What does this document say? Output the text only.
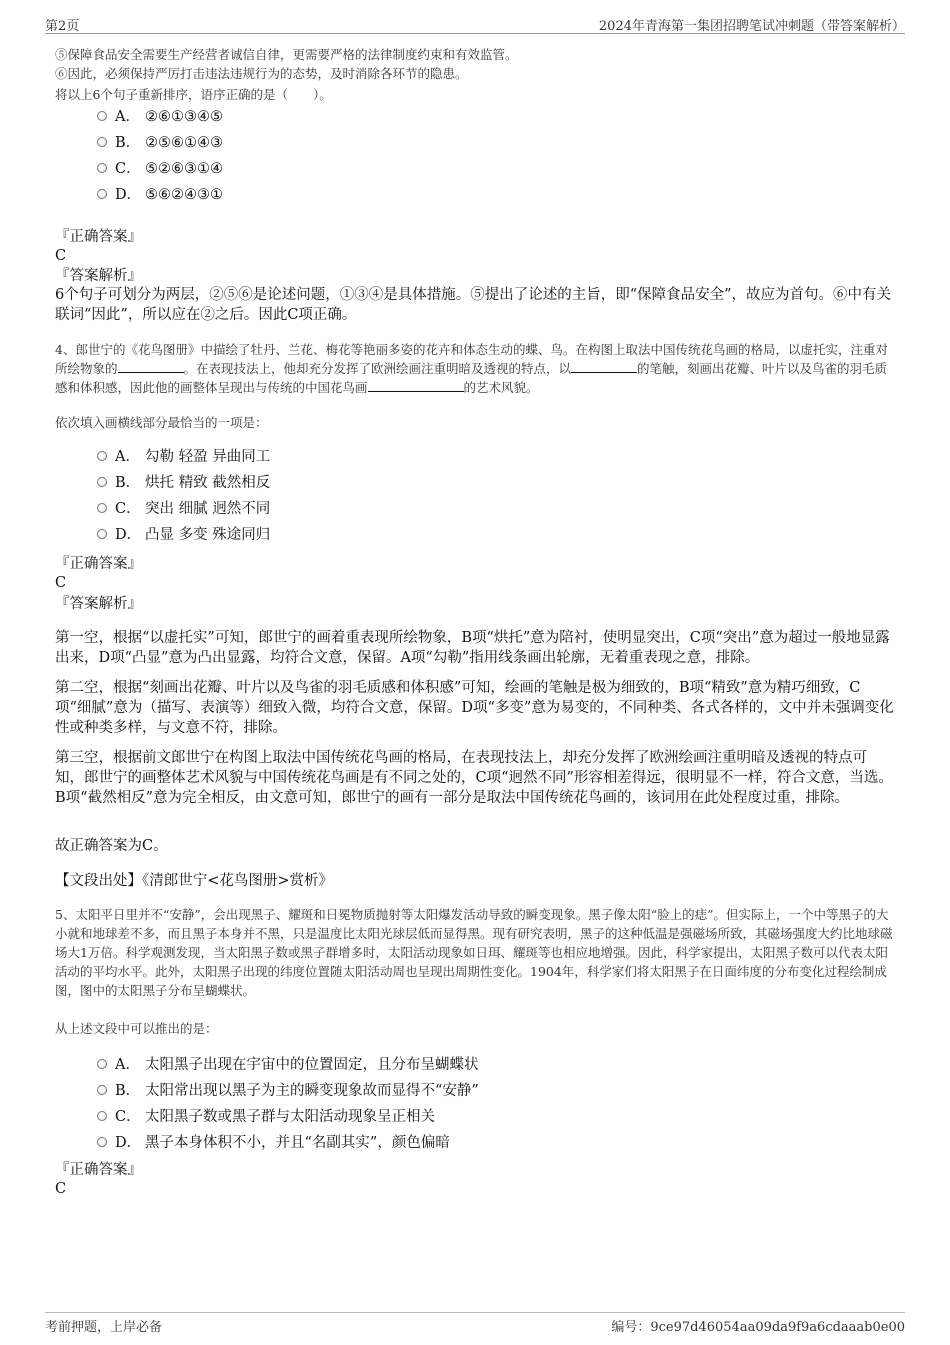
第2页	2024年青海第一集团招聘笔试冲刺题（带答案解析）
⑤保障食品安全需要生产经营者诚信自律，更需要严格的法律制度约束和有效监管。
⑥因此，必须保持严厉打击违法违规行为的态势，及时消除各环节的隐患。
将以上6个句子重新排序，语序正确的是（　　）。
A． ②⑥①③④⑤
B． ②⑤⑥①④③
C． ⑤②⑥③①④
D． ⑤⑥②④③①
『正确答案』
C
『答案解析』
6个句子可划分为两层，②⑤⑥是论述问题，①③④是具体措施。⑤提出了论述的主旨，即“保障食品安全”，故应为首句。⑥中有关联词“因此”，所以应在②之后。因此C项正确。
4、郎世宁的《花鸟图册》中描绘了牡丹、兰花、梅花等艳丽多姿的花卉和体态生动的蝶、鸟。在构图上取法中国传统花鸟画的格局，以虚托实，注重对所绘物象的	。在表现技法上，他却充分发挥了欧洲绘画注重明暗及透视的特点，以	的笔触，刻画出花瓣、叶片以及鸟雀的羽毛质感和体积感，因此他的画整体呈现出与传统的中国花鸟画	的艺术风貌。
依次填入画横线部分最恰当的一项是：
A． 勾勒 轻盈 异曲同工
B． 烘托 精致 截然相反
C． 突出 细腻 迥然不同
D． 凸显 多变 殊途同归
『正确答案』
C
『答案解析』
第一空，根据“以虚托实”可知，郎世宁的画着重表现所绘物象，B项“烘托”意为陪衬，使明显突出，C项“突出”意为超过一般地显露出来，D项“凸显”意为凸出显露，均符合文意，保留。A项“勾勒”指用线条画出轮廓，无着重表现之意，排除。
第二空，根据“刻画出花瓣、叶片以及鸟雀的羽毛质感和体积感”可知，绘画的笔触是极为细致的，B项“精致”意为精巧细致，C项“细腻”意为（描写、表演等）细致入微，均符合文意，保留。D项“多变”意为易变的，不同种类、各式各样的，文中并未强调变化性或种类多样，与文意不符，排除。
第三空，根据前文郎世宁在构图上取法中国传统花鸟画的格局，在表现技法上，却充分发挥了欧洲绘画注重明暗及透视的特点可知，郎世宁的画整体艺术风貌与中国传统花鸟画是有不同之处的，C项“迥然不同”形容相差得远，很明显不一样，符合文意，当选。B项“截然相反”意为完全相反，由文意可知，郎世宁的画有一部分是取法中国传统花鸟画的，该词用在此处程度过重，排除。
故正确答案为C。
【文段出处】《清郎世宁<花鸟图册>赏析》
5、太阳平日里并不“安静”，会出现黑子、耀斑和日冕物质抛射等太阳爆发活动导致的瞬变现象。黑子像太阳“脸上的痣”。但实际上，一个中等黑子的大小就和地球差不多，而且黑子本身并不黑，只是温度比太阳光球层低而显得黑。现有研究表明，黑子的这种低温是强磁场所致，其磁场强度大约比地球磁场大1万倍。科学观测发现，当太阳黑子数或黑子群增多时，太阳活动现象如日珥、耀斑等也相应地增强。因此，科学家提出，太阳黑子数可以代表太阳活动的平均水平。此外，太阳黑子出现的纬度位置随太阳活动周也呈现出周期性变化。1904年，科学家们将太阳黑子在日面纬度的分布变化过程绘制成图，图中的太阳黑子分布呈蝴蝶状。
从上述文段中可以推出的是：
A． 太阳黑子出现在宇宙中的位置固定，且分布呈蝴蝶状
B． 太阳常出现以黑子为主的瞬变现象故而显得不“安静”
C． 太阳黑子数或黑子群与太阳活动现象呈正相关
D． 黑子本身体积不小，并且“名副其实”，颜色偏暗
『正确答案』
C
考前押题，上岸必备	编号：9ce97d46054aa09da9f9a6cdaaab0e00
